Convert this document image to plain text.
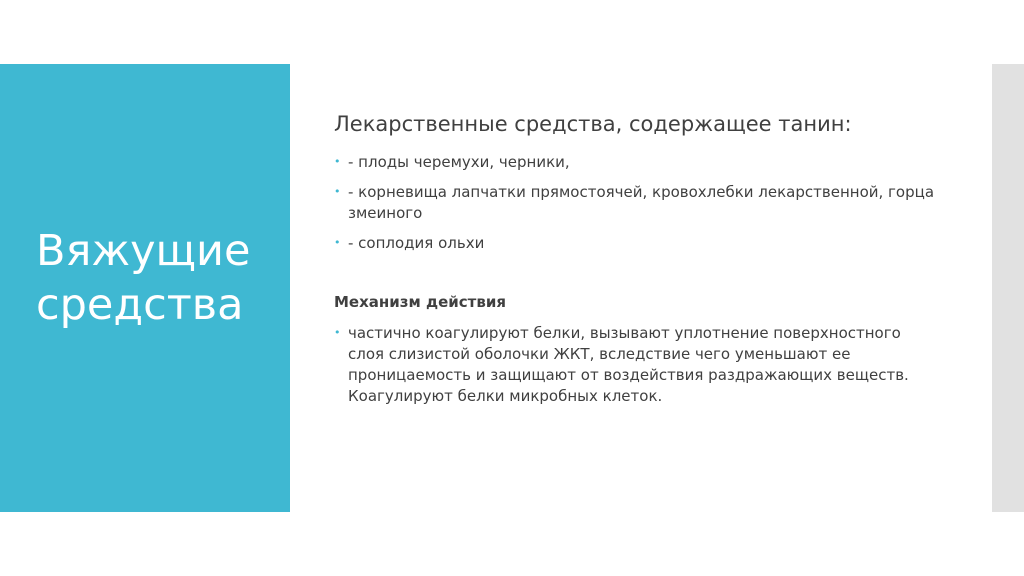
Вяжущие средства
Лекарственные средства, содержащее танин:
• - плоды черемухи, черники,
• - корневища лапчатки прямостоячей, кровохлебки лекарственной, горца змеиного
• - соплодия ольхи
Механизм действия
• частично коагулируют белки, вызывают уплотнение поверхностного слоя слизистой оболочки ЖКТ, вследствие чего уменьшают ее проницаемость и защищают от воздействия раздражающих веществ. Коагулируют белки микробных клеток.
